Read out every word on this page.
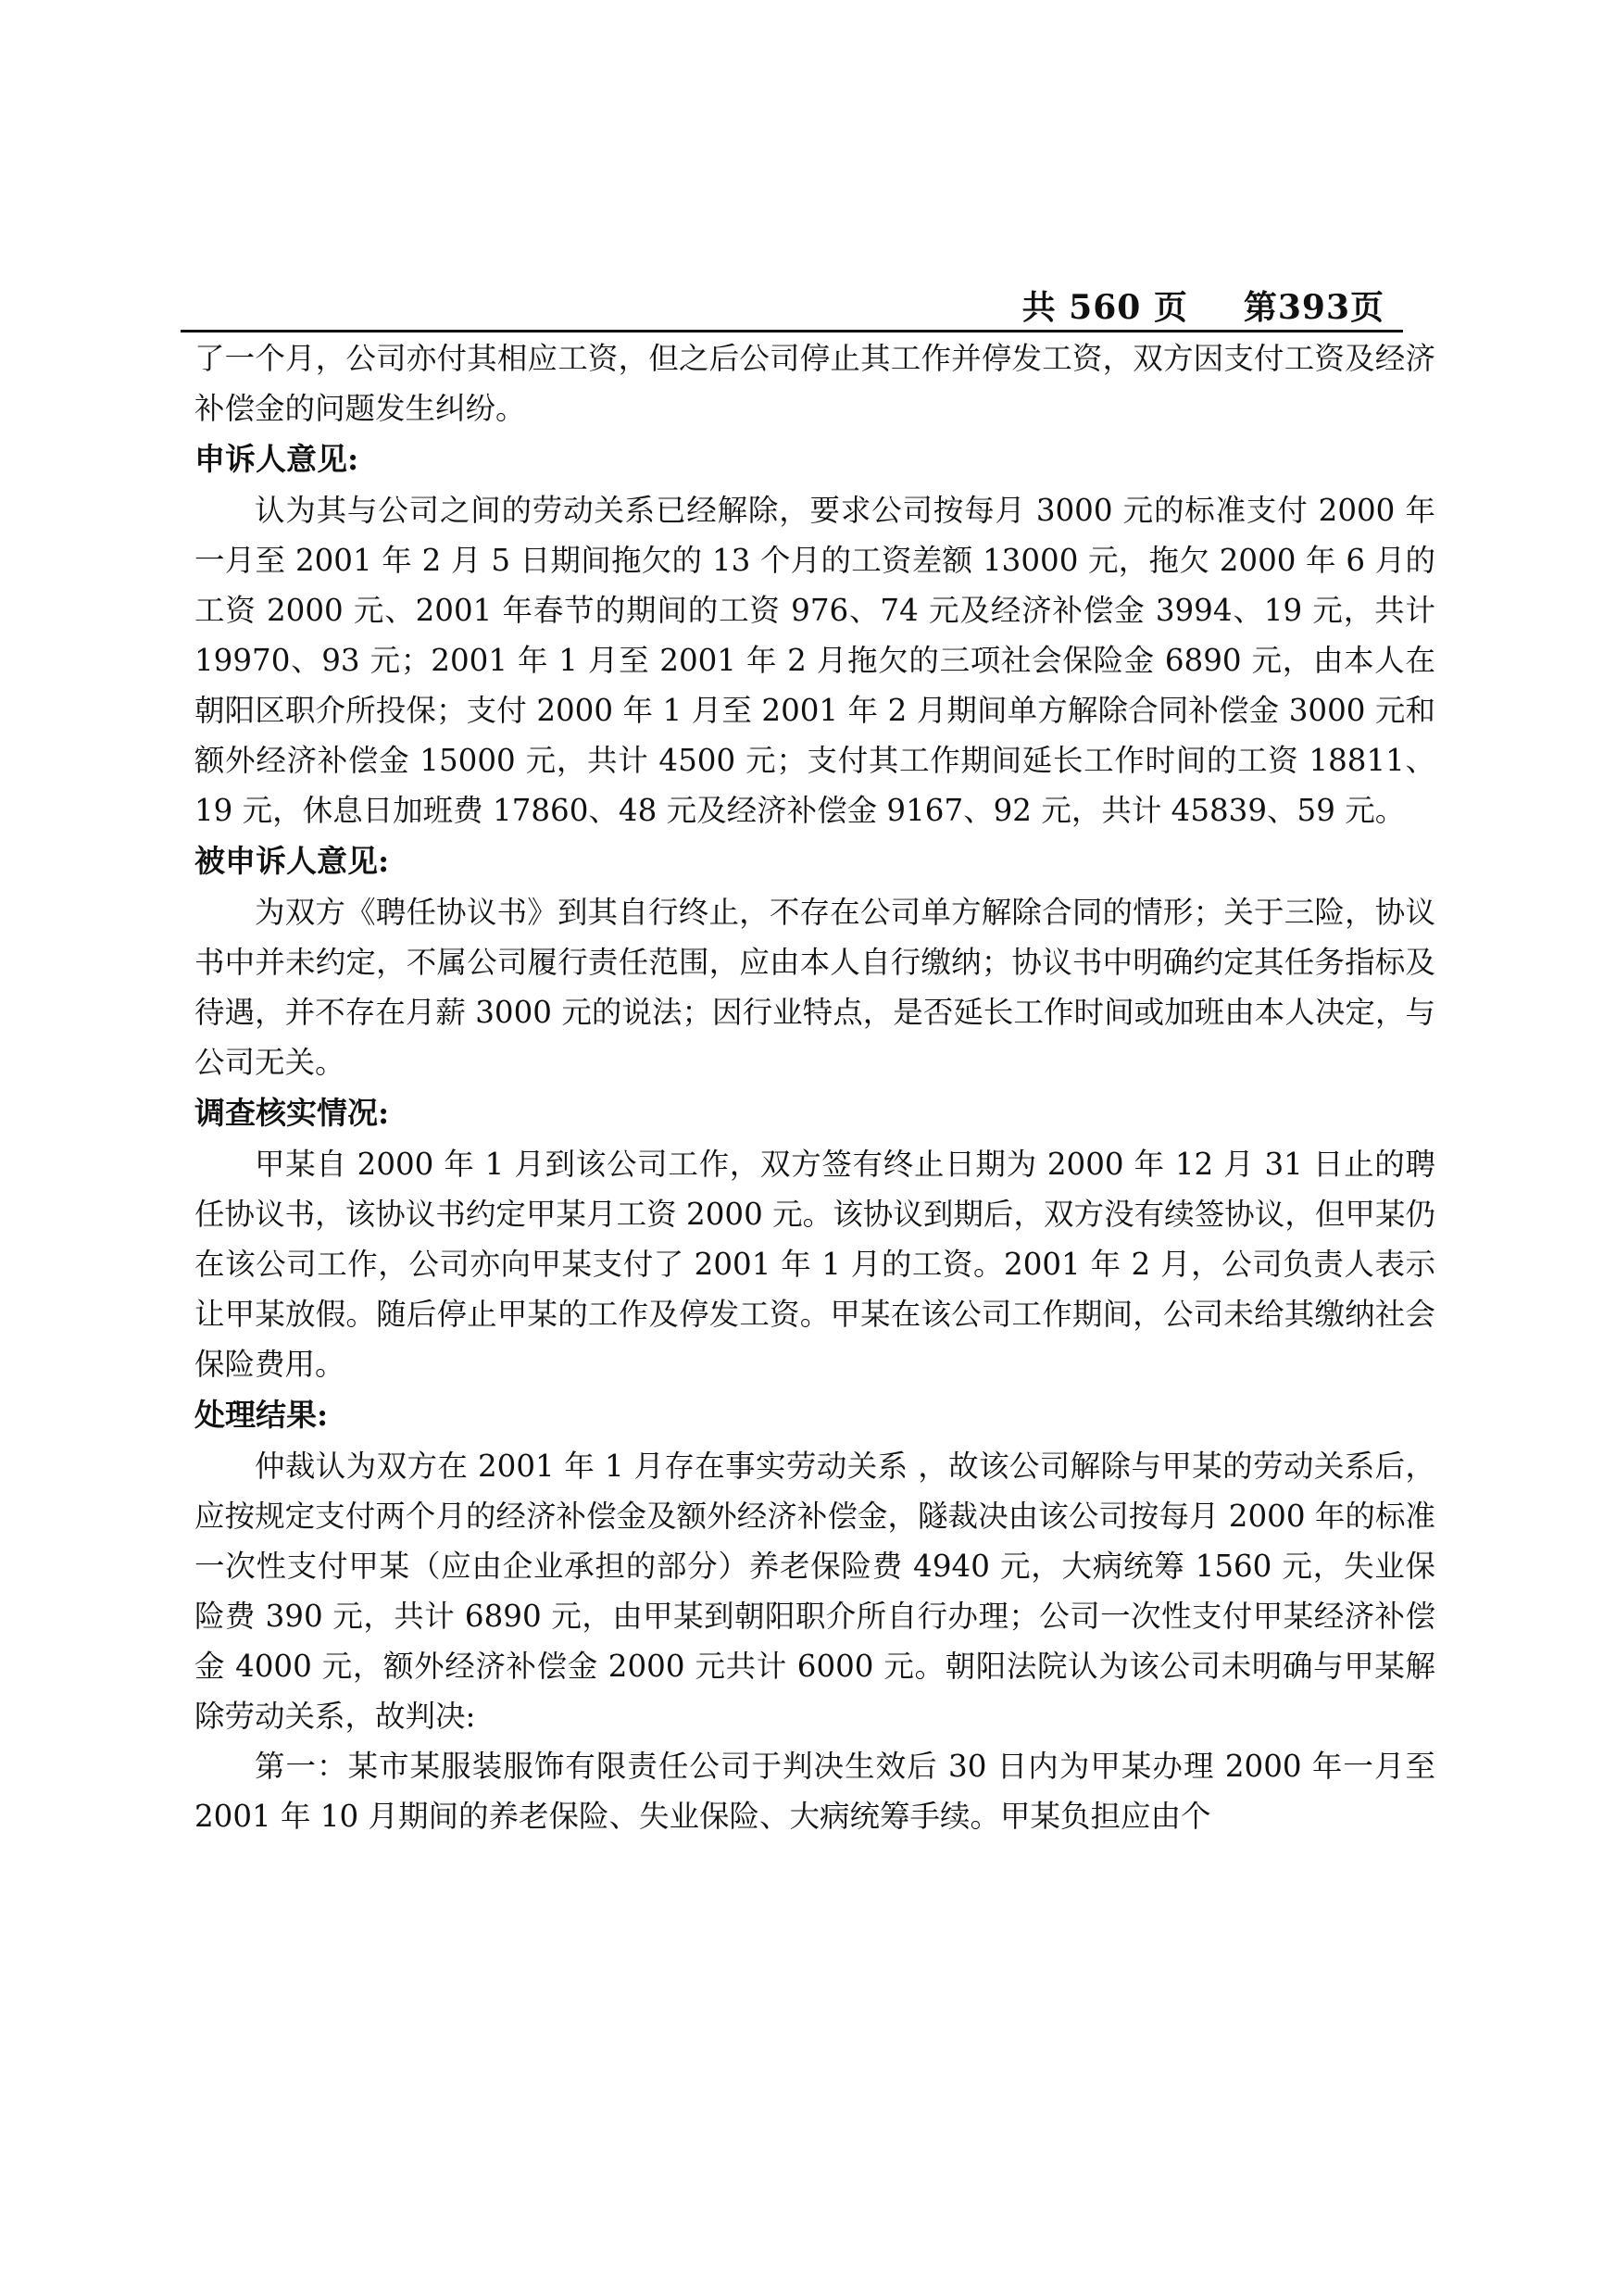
共 560 页 第393页

了一个月，公司亦付其相应工资，但之后公司停止其工作并停发工资，双方因支付工资及经济补偿金的问题发生纠纷。

申诉人意见:

认为其与公司之间的劳动关系已经解除，要求公司按每月 3000 元的标准支付 2000 年一月至 2001 年 2 月 5 日期间拖欠的 13 个月的工资差额 13000 元，拖欠 2000 年 6 月的工资 2000 元、2001 年春节的期间的工资 976、74 元及经济补偿金 3994、19 元，共计 19970、93 元；2001 年 1 月至 2001 年 2 月拖欠的三项社会保险金 6890 元，由本人在朝阳区职介所投保；支付 2000 年 1 月至 2001 年 2 月期间单方解除合同补偿金 3000 元和额外经济补偿金 15000 元，共计 4500 元；支付其工作期间延长工作时间的工资 18811、19 元，休息日加班费 17860、48 元及经济补偿金 9167、92 元，共计 45839、59 元。

被申诉人意见:

为双方《聘任协议书》到其自行终止，不存在公司单方解除合同的情形；关于三险，协议书中并未约定，不属公司履行责任范围，应由本人自行缴纳；协议书中明确约定其任务指标及待遇，并不存在月薪 3000 元的说法；因行业特点，是否延长工作时间或加班由本人决定，与公司无关。

调查核实情况:

甲某自 2000 年 1 月到该公司工作，双方签有终止日期为 2000 年 12 月 31 日止的聘任协议书，该协议书约定甲某月工资 2000 元。该协议到期后，双方没有续签协议，但甲某仍在该公司工作，公司亦向甲某支付了 2001 年 1 月的工资。2001 年 2 月，公司负责人表示让甲某放假。随后停止甲某的工作及停发工资。甲某在该公司工作期间，公司未给其缴纳社会保险费用。

处理结果:

仲裁认为双方在 2001 年 1 月存在事实劳动关系 ，故该公司解除与甲某的劳动关系后，应按规定支付两个月的经济补偿金及额外经济补偿金，隧裁决由该公司按每月 2000 年的标准一次性支付甲某（应由企业承担的部分）养老保险费 4940 元，大病统筹 1560 元，失业保险费 390 元，共计 6890 元，由甲某到朝阳职介所自行办理；公司一次性支付甲某经济补偿金 4000 元，额外经济补偿金 2000 元共计 6000 元。朝阳法院认为该公司未明确与甲某解除劳动关系，故判决:

第一：某市某服装服饰有限责任公司于判决生效后 30 日内为甲某办理 2000 年一月至 2001 年 10 月期间的养老保险、失业保险、大病统筹手续。甲某负担应由个
